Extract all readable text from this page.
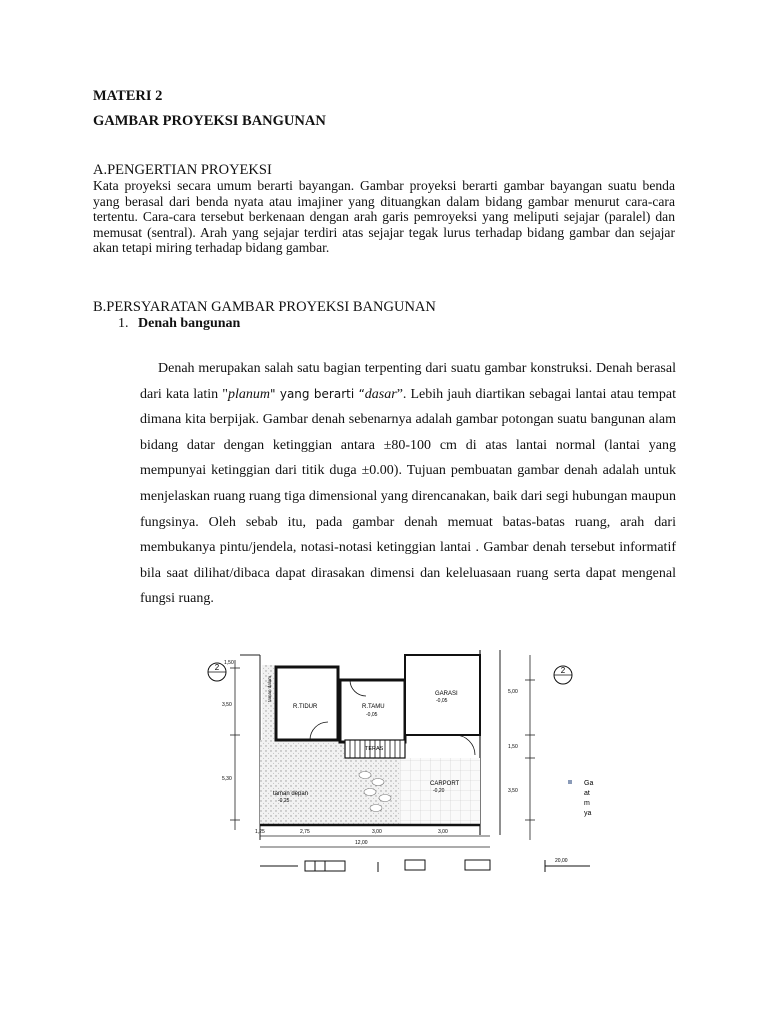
MATERI 2
GAMBAR PROYEKSI BANGUNAN
A.PENGERTIAN PROYEKSI
Kata proyeksi secara umum berarti bayangan. Gambar proyeksi berarti gambar bayangan suatu benda yang berasal dari benda nyata atau imajiner yang dituangkan dalam bidang gambar menurut cara-cara tertentu. Cara-cara tersebut berkenaan dengan arah garis pemroyeksi yang meliputi sejajar (paralel) dan memusat (sentral). Arah yang sejajar terdiri atas sejajar tegak lurus terhadap bidang gambar dan sejajar akan tetapi miring terhadap bidang gambar.
B.PERSYARATAN GAMBAR PROYEKSI BANGUNAN
1. Denah bangunan
Denah merupakan salah satu bagian terpenting dari suatu gambar konstruksi. Denah berasal dari kata latin "planum" yang berarti “dasar”. Lebih jauh diartikan sebagai lantai atau tempat dimana kita berpijak. Gambar denah sebenarnya adalah gambar potongan suatu bangunan alam bidang datar dengan ketinggian antara ±80-100 cm di atas lantai normal (lantai yang mempunyai ketinggian dari titik duga ±0.00). Tujuan pembuatan gambar denah adalah untuk menjelaskan ruang ruang tiga dimensional yang direncanakan, baik dari segi hubungan maupun fungsinya. Oleh sebab itu, pada gambar denah memuat batas-batas ruang, arah dari membukanya pintu/jendela, notasi-notasi ketinggian lantai . Gambar denah tersebut informatif bila saat dilihat/dibaca dapat dirasakan dimensi dan keleluasaan ruang serta dapat mengenal fungsi ruang.
2	2
R.TIDUR	R.TAMU
-0,05
GARASI
-0,05
TERAS
CARPORT
-0,20
taman depan
-0,25
taman dalam
1,50
3,50
5,30
5,00
1,50
3,50
1,25	2,75	3,00	3,00
12,00
20,00
Ga
at
m
ya
